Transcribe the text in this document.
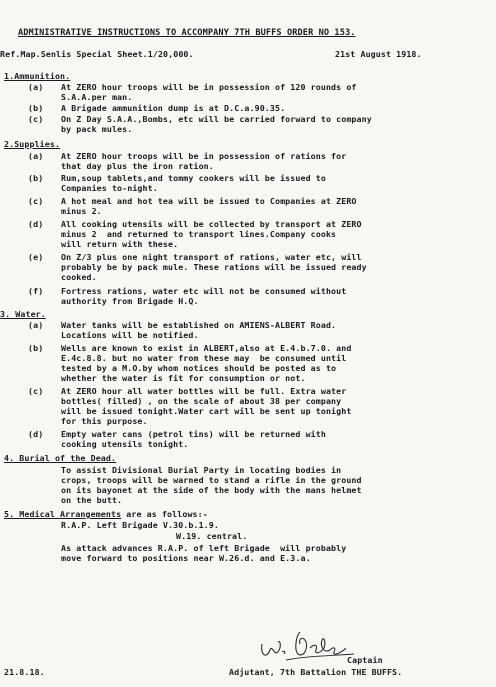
ADMINISTRATIVE INSTRUCTIONS TO ACCOMPANY 7TH BUFFS ORDER NO 153.
Ref.Map.Senlis Special Sheet.1/20,000.	21st August 1918.
1.Ammunition.
(a) At ZERO hour troops will be in possession of 120 rounds of
S.A.A.per man.
(b) A Brigade ammunition dump is at D.C.a.90.35.
(c) On Z Day S.A.A.,Bombs, etc will be carried forward to company
by pack mules.
2.Supplies.
(a) At ZERO hour troops will be in possession of rations for
that day plus the iron ration.
(b) Rum,soup tablets,and tommy cookers will be issued to
Companies to-night.
(c) A hot meal and hot tea will be issued to Companies at ZERO
minus 2.
(d) All cooking utensils will be collected by transport at ZERO
minus 2  and returned to transport lines.Company cooks
will return with these.
(e) On Z/3 plus one night transport of rations, water etc, will
probably be by pack mule. These rations will be issued ready
cooked.
(f) Fortress rations, water etc will not be consumed without
authority from Brigade H.Q.
3. Water.
(a) Water tanks will be established on AMIENS-ALBERT Road.
Locations will be notified.
(b) Wells are known to exist in ALBERT,also at E.4.b.7.0. and
E.4c.8.8. but no water from these may  be consumed until
tested by a M.O.by whom notices should be posted as to
whether the water is fit for consumption or not.
(c) At ZERO hour all water bottles will be full. Extra water
bottles( filled) , on the scale of about 38 per company
will be issued tonight.Water cart will be sent up tonight
for this purpose.
(d) Empty water cans (petrol tins) will be returned with
cooking utensils tonight.
4. Burial of the Dead.
To assist Divisional Burial Party in locating bodies in
crops, troops will be warned to stand a rifle in the ground
on its bayonet at the side of the body with the mans helmet
on the butt.
5. Medical Arrangements are as follows:-
R.A.P. Left Brigade V.30.b.1.9.
W.19. central.
As attack advances R.A.P. of left Brigade  will probably
move forward to positions near W.26.d. and E.3.a.
Captain
21.8.18.	Adjutant, 7th Battalion THE BUFFS.
